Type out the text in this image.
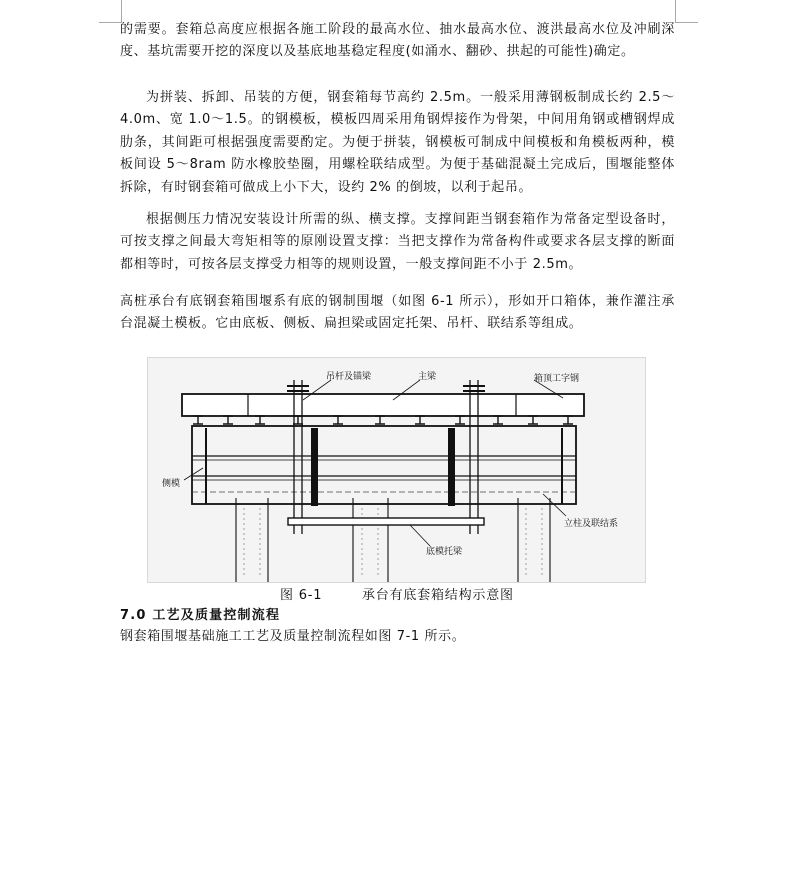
的需要。套箱总高度应根据各施工阶段的最高水位、抽水最高水位、渡洪最高水位及冲刷深度、基坑需要开挖的深度以及基底地基稳定程度(如涌水、翻砂、拱起的可能性)确定。

为拼装、拆卸、吊装的方便，钢套箱每节高约 2.5m。一般采用薄钢板制成长约 2.5～4.0m、宽 1.0～1.5。的钢模板，模板四周采用角钢焊接作为骨架，中间用角钢或槽钢焊成肋条，其间距可根据强度需要酌定。为便于拼装，钢模板可制成中间模板和角模板两种，模板间设 5～8ram 防水橡胶垫圈，用螺栓联结成型。为便于基础混凝土完成后，围堰能整体拆除，有时钢套箱可做成上小下大，设约 2% 的倒坡，以利于起吊。

根据侧压力情况安装设计所需的纵、横支撑。支撑间距当钢套箱作为常备定型设备时，可按支撑之间最大弯矩相等的原刚设置支撑：当把支撑作为常备构件或要求各层支撑的断面都相等时，可按各层支撑受力相等的规则设置，一般支撑间距不小于 2.5m。

高桩承台有底钢套箱围堰系有底的钢制围堰（如图 6-1 所示），形如开口箱体，兼作灌注承台混凝土模板。它由底板、侧板、扁担梁或固定托架、吊杆、联结系等组成。

吊杆及锚梁	主梁	箱顶工字钢
侧模
立柱及联结系
底模托梁
图 6-1	承台有底套箱结构示意图
7.0 工艺及质量控制流程

钢套箱围堰基础施工工艺及质量控制流程如图 7-1 所示。
